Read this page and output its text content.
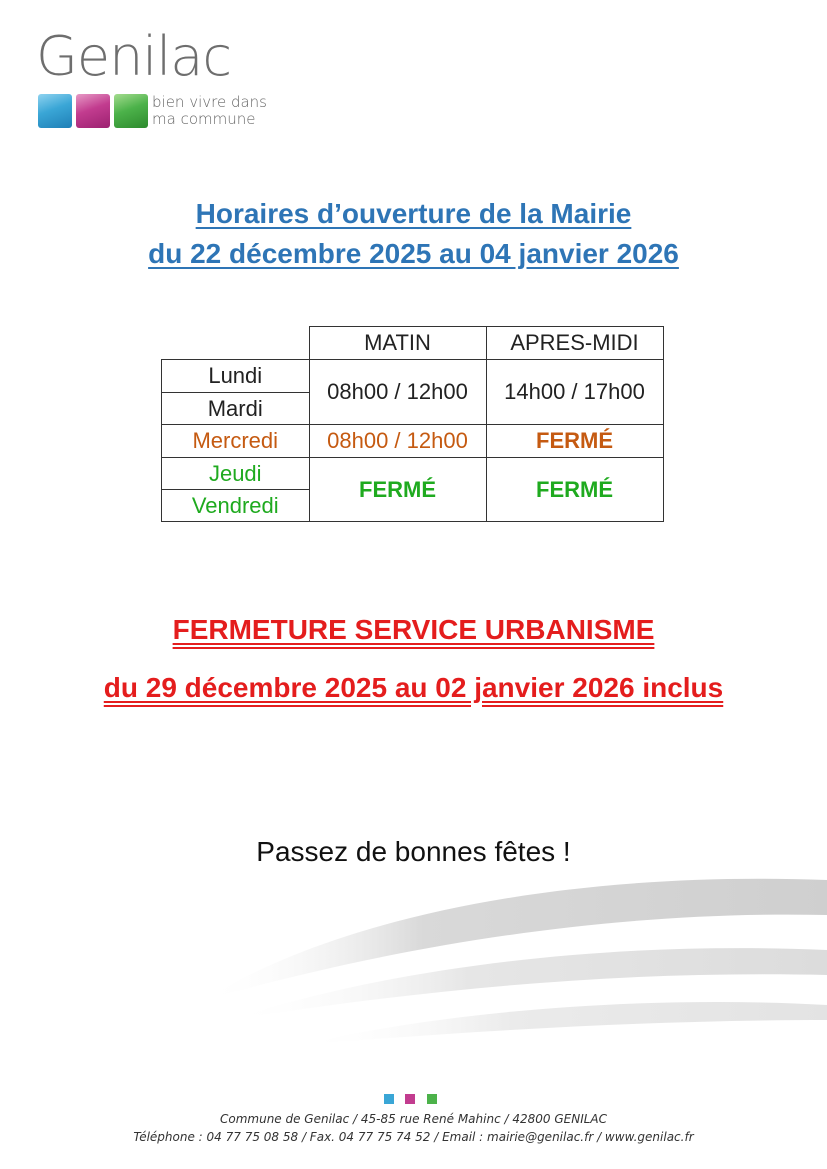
Genilac
bien vivre dans
ma commune
Horaires d’ouverture de la Mairie
du 22 décembre 2025 au 04 janvier 2026
	MATIN	APRES-MIDI
Lundi	08h00 / 12h00	14h00 / 17h00
Mardi		
Mercredi	08h00 / 12h00	FERMÉ
Jeudi	FERMÉ	FERMÉ
Vendredi		
FERMETURE SERVICE URBANISME
du 29 décembre 2025 au 02 janvier 2026 inclus
Passez de bonnes fêtes !

Commune de Genilac / 45-85 rue René Mahinc / 42800 GENILAC
Téléphone : 04 77 75 08 58 / Fax. 04 77 75 74 52 / Email : mairie@genilac.fr / www.genilac.fr
